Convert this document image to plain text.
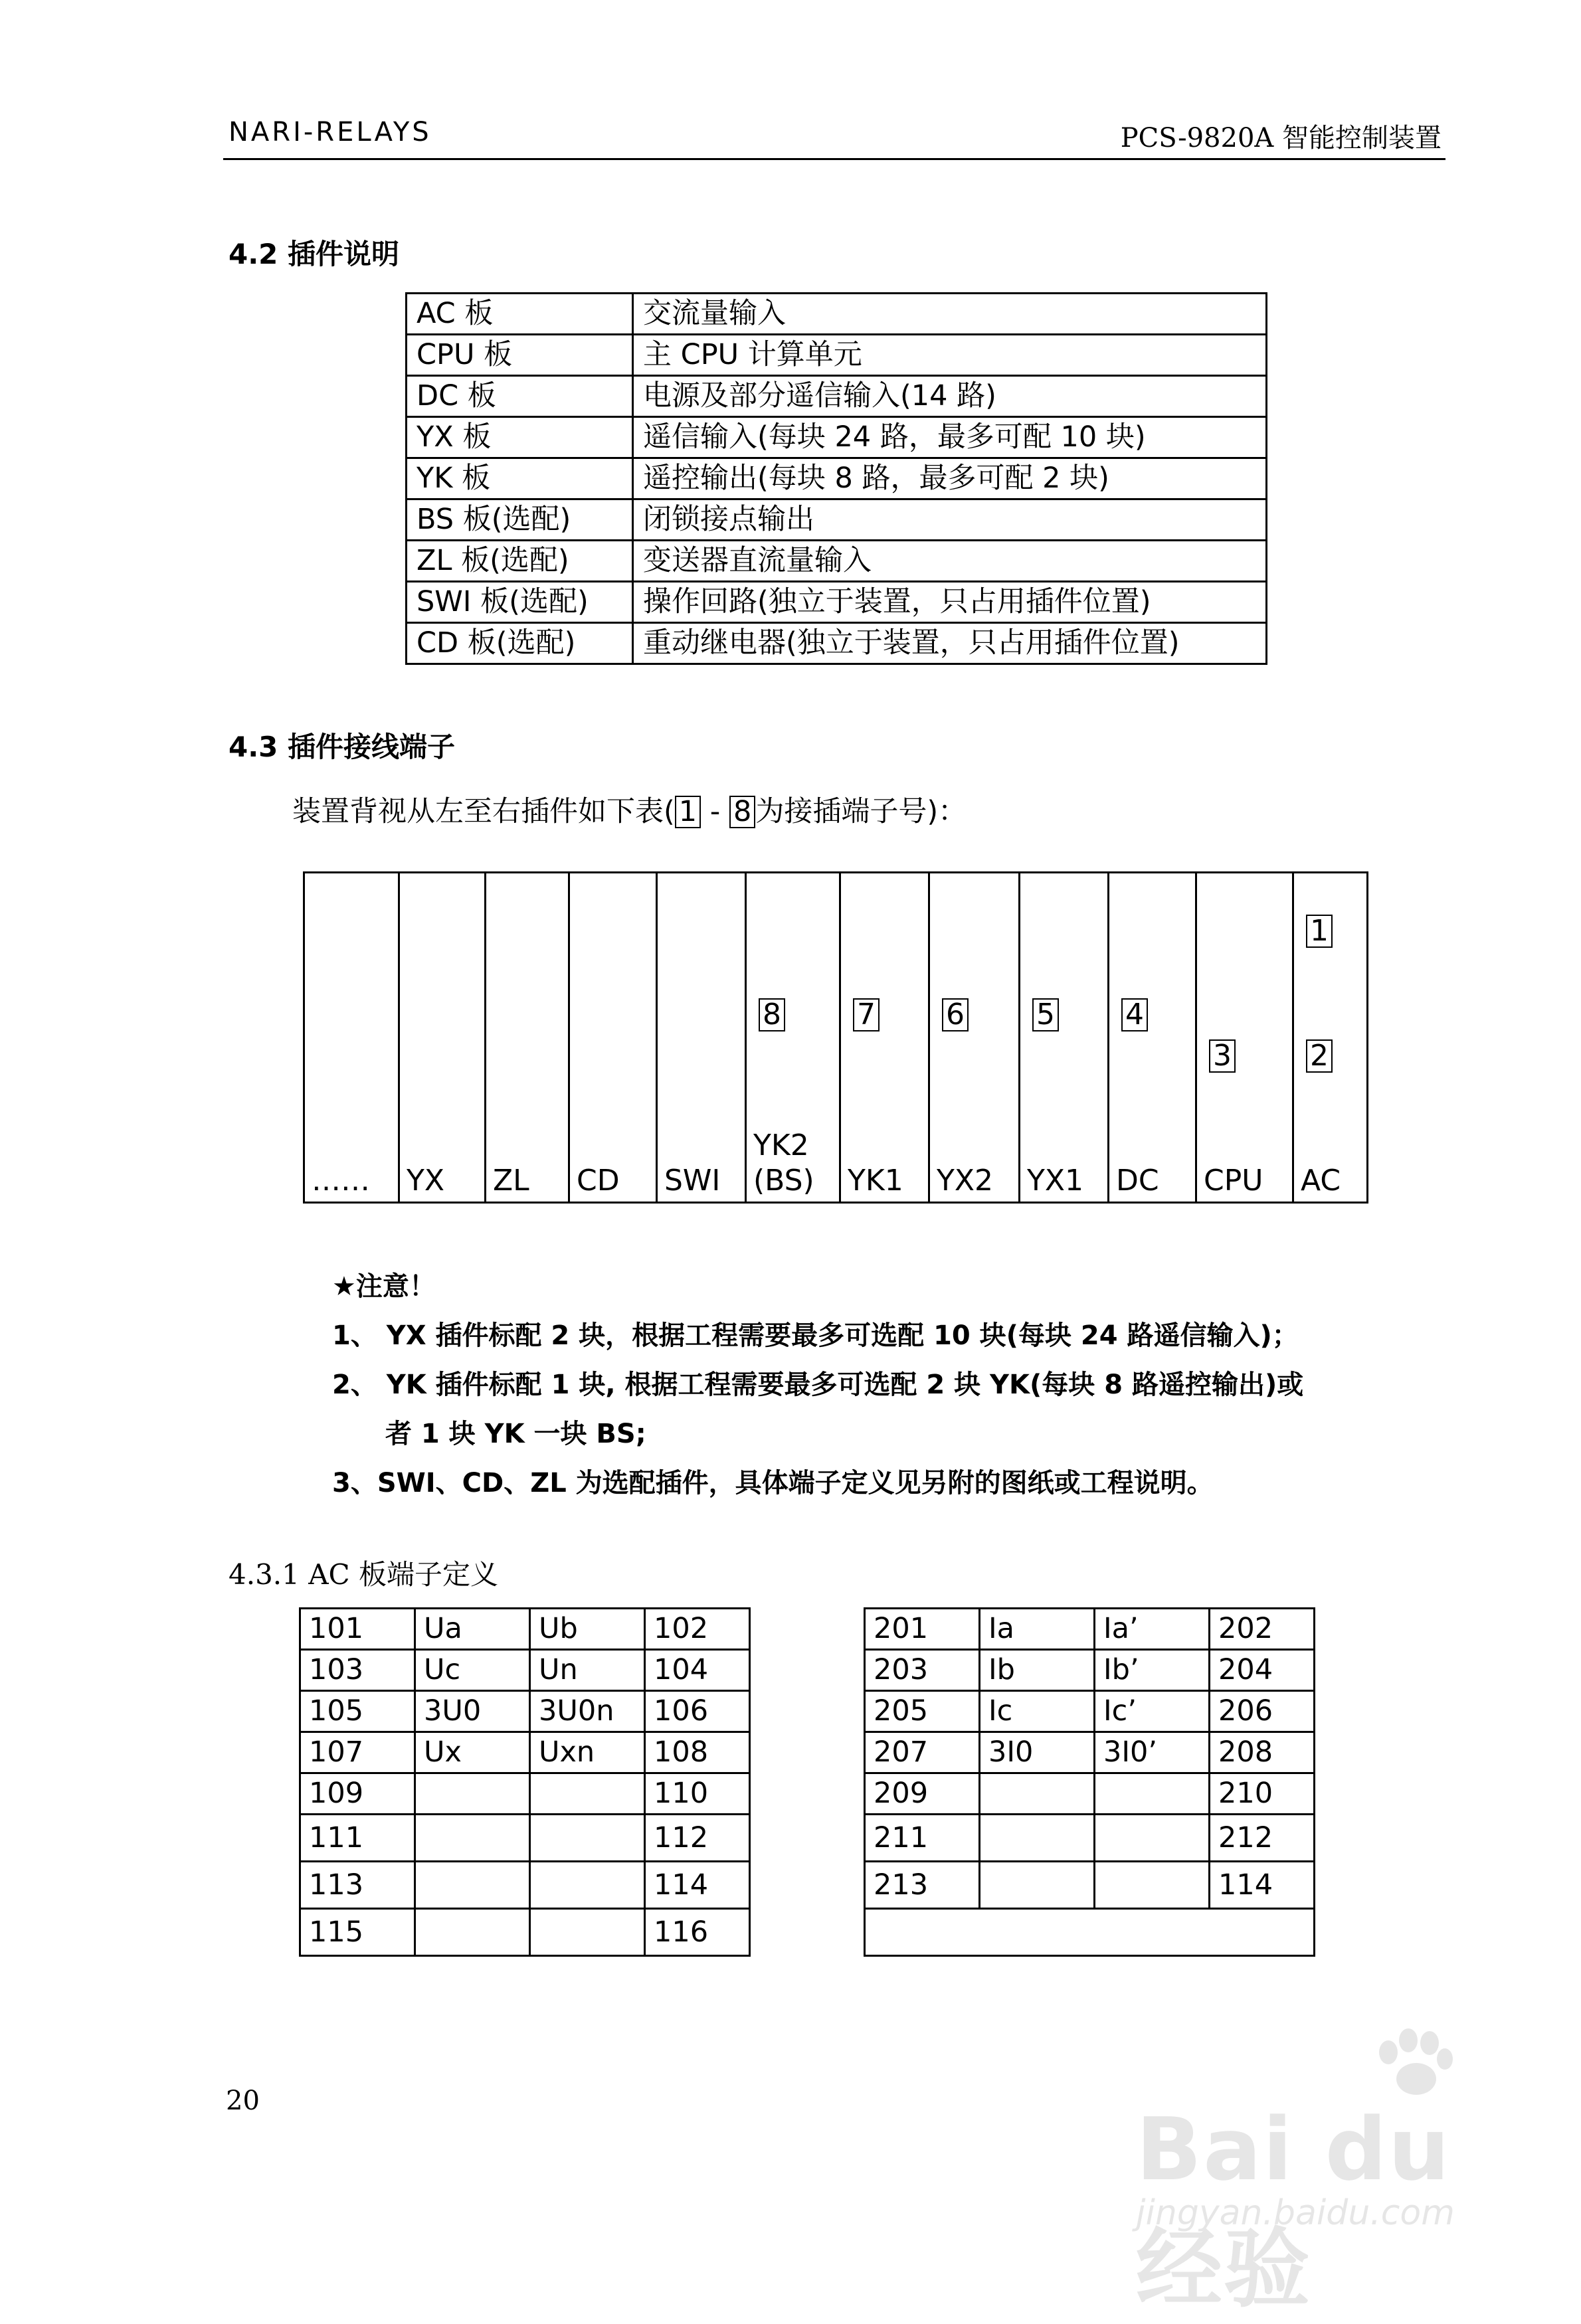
NARI-RELAYS	PCS-9820A 智能控制装置
4.2 插件说明
AC 板	交流量输入
CPU 板	主 CPU 计算单元
DC 板	电源及部分遥信输入(14 路)
YX 板	遥信输入(每块 24 路，最多可配 10 块)
YK 板	遥控输出(每块 8 路，最多可配 2 块)
BS 板(选配)	闭锁接点输出
ZL 板(选配)	变送器直流量输入
SWI 板(选配)	操作回路(独立于装置，只占用插件位置)
CD 板(选配)	重动继电器(独立于装置，只占用插件位置)
4.3 插件接线端子
装置背视从左至右插件如下表( 1 - 8 为接插端子号)：
…… YX ZL CD SWI
8
YK2
(BS)
7
YK1
6
YX2
5
YX1
4
DC
3
CPU
1
2
AC
★注意！
1、 YX 插件标配 2 块，根据工程需要最多可选配 10 块(每块 24 路遥信输入)；
2、 YK 插件标配 1 块, 根据工程需要最多可选配 2 块 YK(每块 8 路遥控输出)或
者 1 块 YK 一块 BS;
3、SWI、CD、ZL 为选配插件，具体端子定义见另附的图纸或工程说明。
4.3.1 AC 板端子定义
101	Ua	Ub	102
103	Uc	Un	104
105	3U0	3U0n	106
107	Ux	Uxn	108
109			110
111			112
113			114
115			116
201	Ia	Ia’	202
203	Ib	Ib’	204
205	Ic	Ic’	206
207	3I0	3I0’	208
209			210
211			212
213			114

20	Bai du 经验
jingyan.baidu.com
